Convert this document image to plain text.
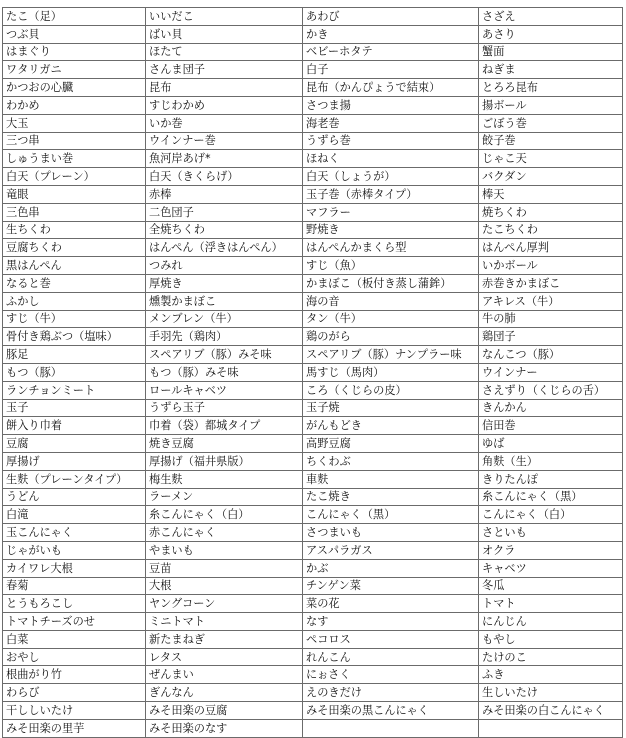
たこ（足）	いいだこ	あわび	さざえ
つぶ貝	ばい貝	かき	あさり
はまぐり	ほたて	ベビーホタテ	蟹面
ワタリガニ	さんま団子	白子	ねぎま
かつおの心臓	昆布	昆布（かんぴょうで結束）	とろろ昆布
わかめ	すじわかめ	さつま揚	揚ボール
大玉	いか巻	海老巻	ごぼう巻
三つ串	ウインナー巻	うずら巻	餃子巻
しゅうまい巻	魚河岸あげ*	ほねく	じゃこ天
白天（プレーン）	白天（きくらげ）	白天（しょうが）	バクダン
竜眼	赤棒	玉子巻（赤棒タイプ）	棒天
三色串	二色団子	マフラー	焼ちくわ
生ちくわ	全焼ちくわ	野焼き	たこちくわ
豆腐ちくわ	はんぺん（浮きはんぺん）	はんぺんかまくら型	はんぺん厚判
黒はんぺん	つみれ	すじ（魚）	いかボール
なると巻	厚焼き	かまぼこ（板付き蒸し蒲鉾）	赤巻きかまぼこ
ふかし	燻製かまぼこ	海の音	アキレス（牛）
すじ（牛）	メンブレン（牛）	タン（牛）	牛の肺
骨付き鶏ぶつ（塩味）	手羽先（鶏肉）	鶏のがら	鶏団子
豚足	スペアリブ（豚）みそ味	スペアリブ（豚）ナンプラー味	なんこつ（豚）
もつ（豚）	もつ（豚）みそ味	馬すじ（馬肉）	ウインナー
ランチョンミート	ロールキャベツ	ころ（くじらの皮）	さえずり（くじらの舌）
玉子	うずら玉子	玉子焼	きんかん
餅入り巾着	巾着（袋）都城タイプ	がんもどき	信田巻
豆腐	焼き豆腐	高野豆腐	ゆば
厚揚げ	厚揚げ（福井県版）	ちくわぶ	角麩（生）
生麩（プレーンタイプ）	梅生麩	車麩	きりたんぽ
うどん	ラーメン	たこ焼き	糸こんにゃく（黒）
白滝	糸こんにゃく（白）	こんにゃく（黒）	こんにゃく（白）
玉こんにゃく	赤こんにゃく	さつまいも	さといも
じゃがいも	やまいも	アスパラガス	オクラ
カイワレ大根	豆苗	かぶ	キャベツ
春菊	大根	チンゲン菜	冬瓜
とうもろこし	ヤングコーン	菜の花	トマト
トマトチーズのせ	ミニトマト	なす	にんじん
白菜	新たまねぎ	ペコロス	もやし
おやし	レタス	れんこん	たけのこ
根曲がり竹	ぜんまい	にぉさく	ふき
わらび	ぎんなん	えのきだけ	生しいたけ
干ししいたけ	みそ田楽の豆腐	みそ田楽の黒こんにゃく	みそ田楽の白こんにゃく
みそ田楽の里芋	みそ田楽のなす		
